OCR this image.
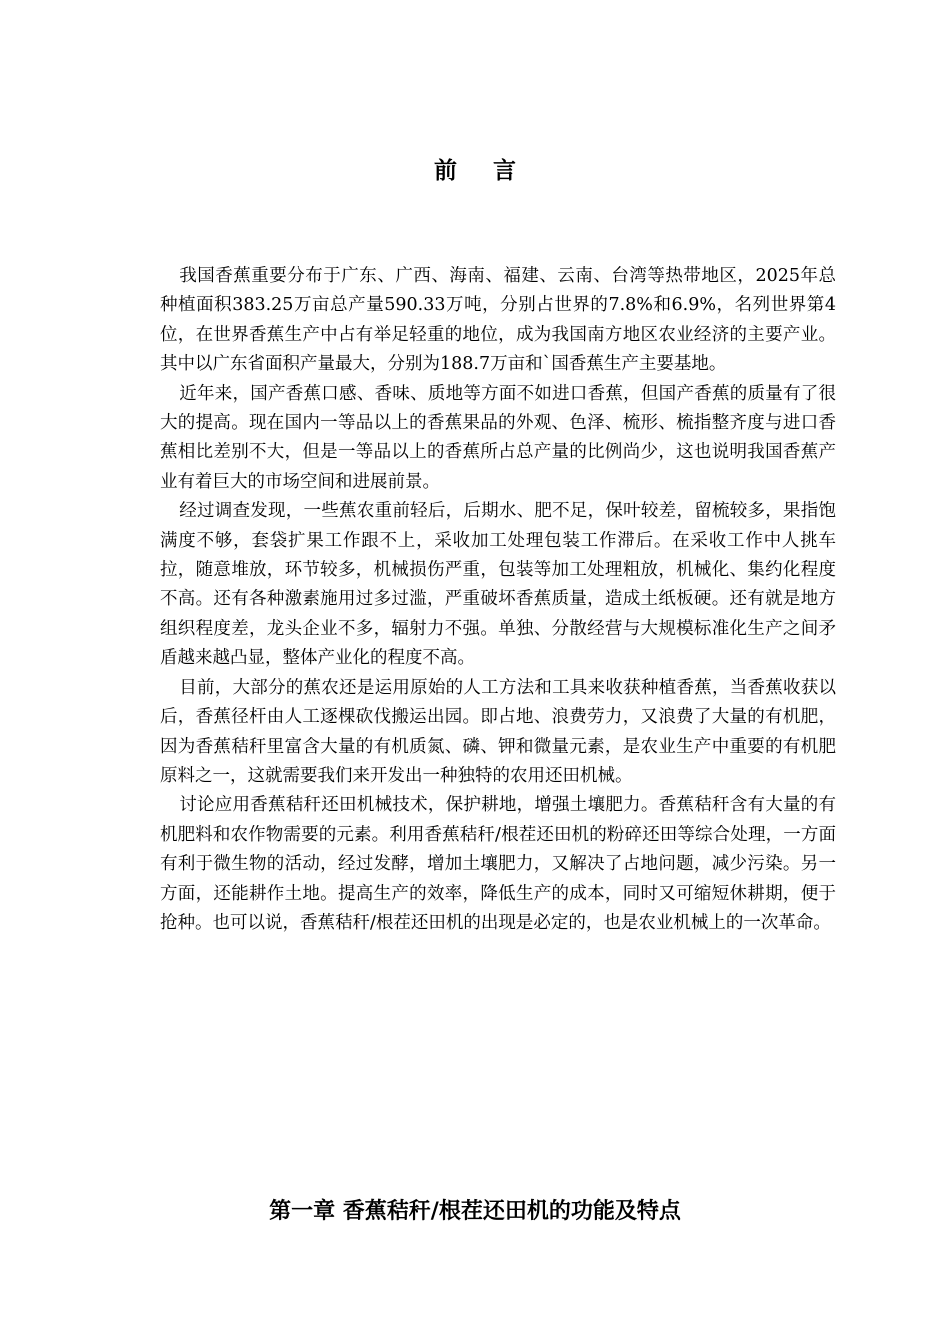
前 言

我国香蕉重要分布于广东、广西、海南、福建、云南、台湾等热带地区，2025年总种植面积383.25万亩总产量590.33万吨，分别占世界的7.8%和6.9%，名列世界第4位，在世界香蕉生产中占有举足轻重的地位，成为我国南方地区农业经济的主要产业。其中以广东省面积产量最大，分别为188.7万亩和`国香蕉生产主要基地。

近年来，国产香蕉口感、香味、质地等方面不如进口香蕉，但国产香蕉的质量有了很大的提高。现在国内一等品以上的香蕉果品的外观、色泽、梳形、梳指整齐度与进口香蕉相比差别不大，但是一等品以上的香蕉所占总产量的比例尚少，这也说明我国香蕉产业有着巨大的市场空间和进展前景。

经过调查发现，一些蕉农重前轻后，后期水、肥不足，保叶较差，留梳较多，果指饱满度不够，套袋扩果工作跟不上，采收加工处理包装工作滞后。在采收工作中人挑车拉，随意堆放，环节较多，机械损伤严重，包装等加工处理粗放，机械化、集约化程度不高。还有各种激素施用过多过滥，严重破坏香蕉质量，造成土纸板硬。还有就是地方组织程度差，龙头企业不多，辐射力不强。单独、分散经营与大规模标准化生产之间矛盾越来越凸显，整体产业化的程度不高。

目前，大部分的蕉农还是运用原始的人工方法和工具来收获种植香蕉，当香蕉收获以后，香蕉径杆由人工逐棵砍伐搬运出园。即占地、浪费劳力，又浪费了大量的有机肥，因为香蕉秸秆里富含大量的有机质氮、磷、钾和微量元素，是农业生产中重要的有机肥原料之一，这就需要我们来开发出一种独特的农用还田机械。

讨论应用香蕉秸秆还田机械技术，保护耕地，增强土壤肥力。香蕉秸秆含有大量的有机肥料和农作物需要的元素。利用香蕉秸秆/根茬还田机的粉碎还田等综合处理，一方面有利于微生物的活动，经过发酵，增加土壤肥力，又解决了占地问题，减少污染。另一方面，还能耕作土地。提高生产的效率，降低生产的成本，同时又可缩短休耕期，便于抢种。也可以说，香蕉秸秆/根茬还田机的出现是必定的，也是农业机械上的一次革命。

第一章 香蕉秸秆/根茬还田机的功能及特点
